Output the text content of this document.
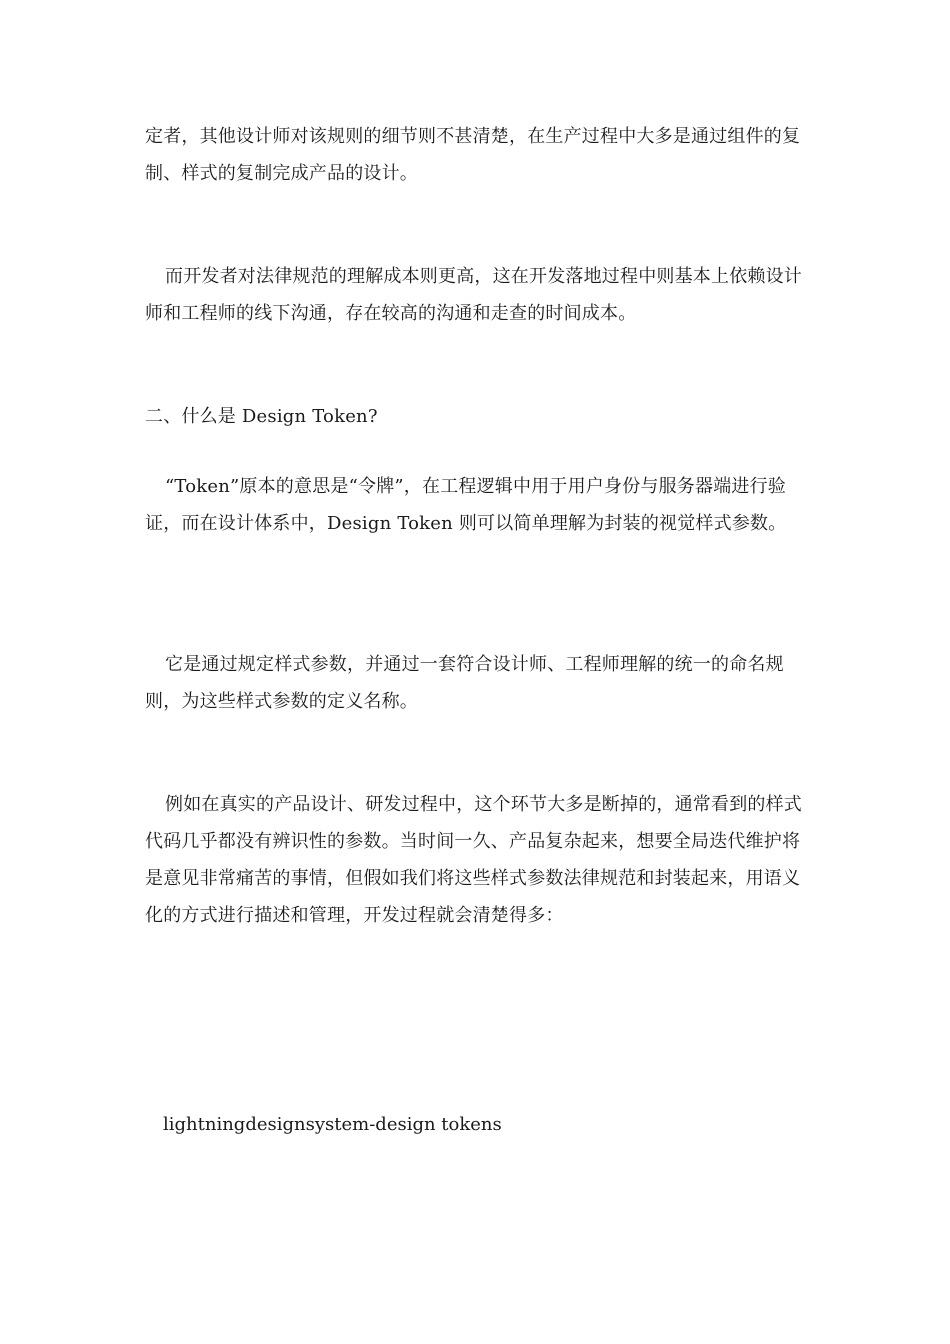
定者，其他设计师对该规则的细节则不甚清楚，在生产过程中大多是通过组件的复制、样式的复制完成产品的设计。

而开发者对法律规范的理解成本则更高，这在开发落地过程中则基本上依赖设计师和工程师的线下沟通，存在较高的沟通和走查的时间成本。

二、什么是 Design Token?

“Token”原本的意思是“令牌”，在工程逻辑中用于用户身份与服务器端进行验证，而在设计体系中，Design Token 则可以简单理解为封装的视觉样式参数。

它是通过规定样式参数，并通过一套符合设计师、工程师理解的统一的命名规则，为这些样式参数的定义名称。

例如在真实的产品设计、研发过程中，这个环节大多是断掉的，通常看到的样式代码几乎都没有辨识性的参数。当时间一久、产品复杂起来，想要全局迭代维护将是意见非常痛苦的事情，但假如我们将这些样式参数法律规范和封装起来，用语义化的方式进行描述和管理，开发过程就会清楚得多：

lightningdesignsystem-design tokens
